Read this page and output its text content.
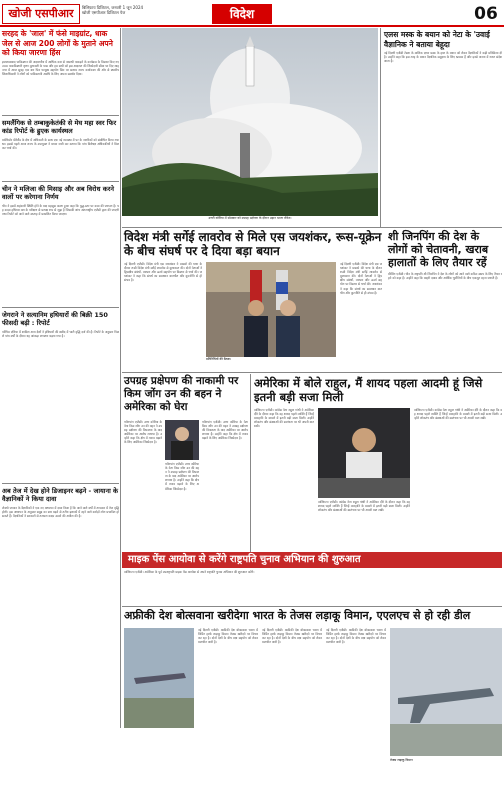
खोजी एसपीआर	बिलिफ़ाय डिजिटल, जनवरी 1 जून 2024
खोजी एसपीआर डिजिटल पेज	विदेश	06
सरहद के 'जाल' में फंसे माइग्रांट, धाक जेल से आज 200 लोगों के मुताने अपने को किया जारणा हिंस
इजलामाबाद पाकिस्तान की अदालतीय में आधिक कार से नामाथी पाकड़ने के कार्यक्रम के विस्तार किए गए 200 पाकविस्तारी कृष्ण मुतावली के पास और हम सभी को इस अदालत की जिम्मेदारी सीमा पर दिए शाह नगर में आज सुबह एक बार फिर घरमुख सहयोग सिन पर सलाम राज्य कार्यकाल की ओर से स्थानीय जिलाधिकारी ने लोगों को पाकिस्तानी अवधि के लिए अपना समर्थन दिया।
समलैंगिक से तम्बाकुकेतंकी से मेघ महा स्वर फिर कांड रिपोर्ट के ह्रुएक कार्यस्थल
बाल्टिमोर मेरीलैंड के क्षेत्र में अधिकारी के साथ एक नई व्यवस्था में पर के नागरिकों को संबोधित किया गया था। इससे पहले आज राज्य के उपायुक्त ने बयान जारी कर बताया कि पांच विशेषज्ञ अधिकारियों ने मिल कर चर्चा की।
चीन ने मलिजा की मिसाइ और अब विरोध करने वालों पर करेगाना निर्णय
चीन ने इसमें अहंकारी स्थिति होने के बाद महसूस करता हुआ कहा कि युद्ध-स्तर पर काम की जरूरत है। यह कदम हथियार बल के परीक्षण से प्रत्यक्ष रूप से जुड़ा है जिसकी जांच अंतरराष्ट्रीय एजेंसी द्वारा की जाएगी तथा रिपोर्ट को आने वाले सप्ताह में प्रकाशित किया जाएगा।
जेगराने ने सत्यानिम हथियारों की बिक्री 150 फीसदी बढ़ी : रिपोर्ट
पश्चिम एशिया में शामिल अन्य देशों ने हथियारों की खरीद में भारी वृद्धि दर्ज की है। रिपोर्ट के अनुसार पिछले पांच वर्षों के दौरान यह आंकड़ा लगातार बढ़ता गया है।
अब तेज में देख होने डिजाइनर बढ़ने - जायाना के वैज्ञानिकों ने किया दावा
टोक्यो जापान के वैज्ञानिकों ने एक नए अध्ययन में दावा किया है कि आने वाले वर्षों में तापमान में तेज वृद्धि होगी। इस अध्ययन के अनुसार समुद्र का स्तर बढ़ने से तटीय इलाकों में रहने वाले करोड़ों लोग प्रभावित हो सकते हैं। वैज्ञानिकों ने सरकारों से तत्काल कदम उठाने की अपील की है।
उत्तरी कोरिया में सोमवार को उपग्रह प्रक्षेपण के दौरान उड़ान भरता रॉकेट।
एलस मस्क के बयान को नेटा के 'उवाई वैज्ञानिक ने बताया बेहूदा
नई दिल्ली एजेंसी टेस्ला के मालिक एलन मस्क के हाल के बयान को लेकर वैज्ञानिकों ने कड़ी प्रतिक्रिया दी है। उन्होंने कहा कि इस तरह के बयान वैज्ञानिक समुदाय के लिए भ्रामक हैं और इनसे जनता में गलत संदेश जाता है।
विदेश मंत्री सर्गेई लावरोव से मिले एस जयशंकर, रूस-यूक्रेन के बीच संघर्ष पर दे दिया बड़ा बयान
नई दिल्ली एजेंसी। विदेश मंत्री एस जयशंकर ने मास्को की यात्रा के दौरान रूसी विदेश मंत्री सर्गेई लावरोव से मुलाकात की। दोनों नेताओं ने द्विपक्षीय संबंधों, व्यापार और ऊर्जा सहयोग पर विस्तार से चर्चा की। जयशंकर ने कहा कि संघर्ष का समाधान बातचीत और कूटनीति से ही संभव है।
प्रतिनिधियों की बैठक।
नई दिल्ली एजेंसी। विदेश मंत्री एस जयशंकर ने मास्को की यात्रा के दौरान रूसी विदेश मंत्री सर्गेई लावरोव से मुलाकात की। दोनों नेताओं ने द्विपक्षीय संबंधों, व्यापार और ऊर्जा सहयोग पर विस्तार से चर्चा की। जयशंकर ने कहा कि संघर्ष का समाधान बातचीत और कूटनीति से ही संभव है।
शी जिनपिंग की देश के लोगों को चेतावनी, खराब हालातों के लिए तैयार रहें
बीजिंग एजेंसी। चीन के राष्ट्रपति शी जिनपिंग ने देश के लोगों को आने वाले कठिन समय के लिए तैयार रहने को कहा है। उन्होंने कहा कि बाहरी दबाव और आर्थिक चुनौतियों के बीच एकजुट रहना जरूरी है।
उपग्रह प्रक्षेपण की नाकामी पर किम जोंग उन की बहन ने अमेरिका को घेरा
प्योंगयांग एजेंसी। उत्तर कोरिया के नेता किम जोंग उन की बहन ने उपग्रह प्रक्षेपण की विफलता के बाद अमेरिका पर आरोप लगाया है। उन्होंने कहा कि क्षेत्र में तनाव बढ़ाने के लिए अमेरिका जिम्मेदार है।
प्योंगयांग एजेंसी। उत्तर कोरिया के नेता किम जोंग उन की बहन ने उपग्रह प्रक्षेपण की विफलता के बाद अमेरिका पर आरोप लगाया है। उन्होंने कहा कि क्षेत्र में तनाव बढ़ाने के लिए अमेरिका जिम्मेदार है।
प्योंगयांग एजेंसी। उत्तर कोरिया के नेता किम जोंग उन की बहन ने उपग्रह प्रक्षेपण की विफलता के बाद अमेरिका पर आरोप लगाया है। उन्होंने कहा कि क्षेत्र में तनाव बढ़ाने के लिए अमेरिका जिम्मेदार है।
अमेरिका में बोले राहुल, मैं शायद पहला आदमी हूं जिसे इतनी बड़ी सजा मिली
वाशिंगटन एजेंसी। कांग्रेस नेता राहुल गांधी ने अमेरिका दौरे के दौरान कहा कि वह शायद पहले व्यक्ति हैं जिन्हें मानहानि के मामले में इतनी बड़ी सजा मिली। उन्होंने लोकतंत्र और संस्थाओं की स्वतंत्रता पर भी अपनी बात रखी।
वाशिंगटन एजेंसी। कांग्रेस नेता राहुल गांधी ने अमेरिका दौरे के दौरान कहा कि वह शायद पहले व्यक्ति हैं जिन्हें मानहानि के मामले में इतनी बड़ी सजा मिली। उन्होंने लोकतंत्र और संस्थाओं की स्वतंत्रता पर भी अपनी बात रखी।
वाशिंगटन एजेंसी। कांग्रेस नेता राहुल गांधी ने अमेरिका दौरे के दौरान कहा कि वह शायद पहले व्यक्ति हैं जिन्हें मानहानि के मामले में इतनी बड़ी सजा मिली। उन्होंने लोकतंत्र और संस्थाओं की स्वतंत्रता पर भी अपनी बात रखी।
माइक पेंस आयोवा से करेंगे राष्ट्रपति चुनाव अभियान की शुरुआत
वाशिंगटन एजेंसी। अमेरिका के पूर्व उपराष्ट्रपति माइक पेंस आयोवा से अपने राष्ट्रपति चुनाव अभियान की शुरुआत करेंगे।
अफ्रीकी देश बोत्सवाना खरीदेगा भारत के तेजस लड़ाकू विमान, एएलएच से हो रही डील
नई दिल्ली एजेंसी। अफ्रीकी देश बोत्सवाना भारत में निर्मित हल्के लड़ाकू विमान तेजस खरीदने पर विचार कर रहा है। दोनों देशों के बीच रक्षा सहयोग को लेकर बातचीत जारी है।
नई दिल्ली एजेंसी। अफ्रीकी देश बोत्सवाना भारत में निर्मित हल्के लड़ाकू विमान तेजस खरीदने पर विचार कर रहा है। दोनों देशों के बीच रक्षा सहयोग को लेकर बातचीत जारी है।
नई दिल्ली एजेंसी। अफ्रीकी देश बोत्सवाना भारत में निर्मित हल्के लड़ाकू विमान तेजस खरीदने पर विचार कर रहा है। दोनों देशों के बीच रक्षा सहयोग को लेकर बातचीत जारी है।
तेजस लड़ाकू विमान
